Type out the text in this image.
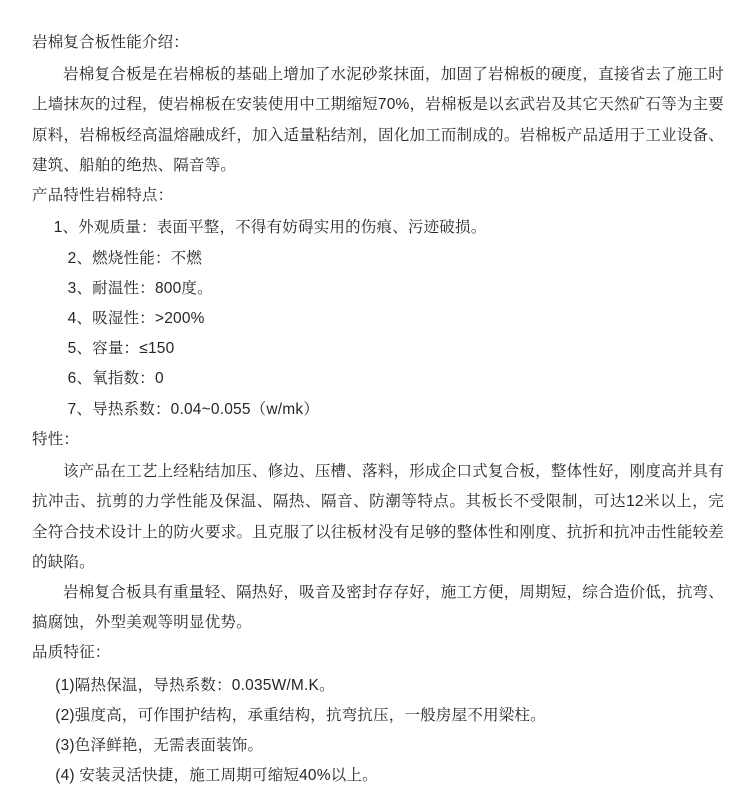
岩棉复合板性能介绍：

岩棉复合板是在岩棉板的基础上增加了水泥砂浆抹面，加固了岩棉板的硬度，直接省去了施工时上墙抹灰的过程，使岩棉板在安装使用中工期缩短70%，岩棉板是以玄武岩及其它天然矿石等为主要原料，岩棉板经高温熔融成纤，加入适量粘结剂，固化加工而制成的。岩棉板产品适用于工业设备、建筑、船舶的绝热、隔音等。

产品特性岩棉特点：

1、外观质量：表面平整，不得有妨碍实用的伤痕、污迹破损。

2、燃烧性能：不燃

3、耐温性：800度。

4、吸湿性：>200%

5、容量：≤150

6、氧指数：0

7、导热系数：0.04~0.055（w/mk）

特性：

该产品在工艺上经粘结加压、修边、压槽、落料，形成企口式复合板，整体性好，刚度高并具有抗冲击、抗剪的力学性能及保温、隔热、隔音、防潮等特点。其板长不受限制，可达12米以上，完全符合技术设计上的防火要求。且克服了以往板材没有足够的整体性和刚度、抗折和抗冲击性能较差的缺陷。

岩棉复合板具有重量轻、隔热好，吸音及密封存存好，施工方便，周期短，综合造价低，抗弯、搞腐蚀，外型美观等明显优势。

品质特征：

(1)隔热保温，导热系数：0.035W/M.K。

(2)强度高，可作围护结构，承重结构，抗弯抗压，一般房屋不用梁柱。

(3)色泽鲜艳，无需表面装饰。

(4) 安装灵活快捷，施工周期可缩短40%以上。
